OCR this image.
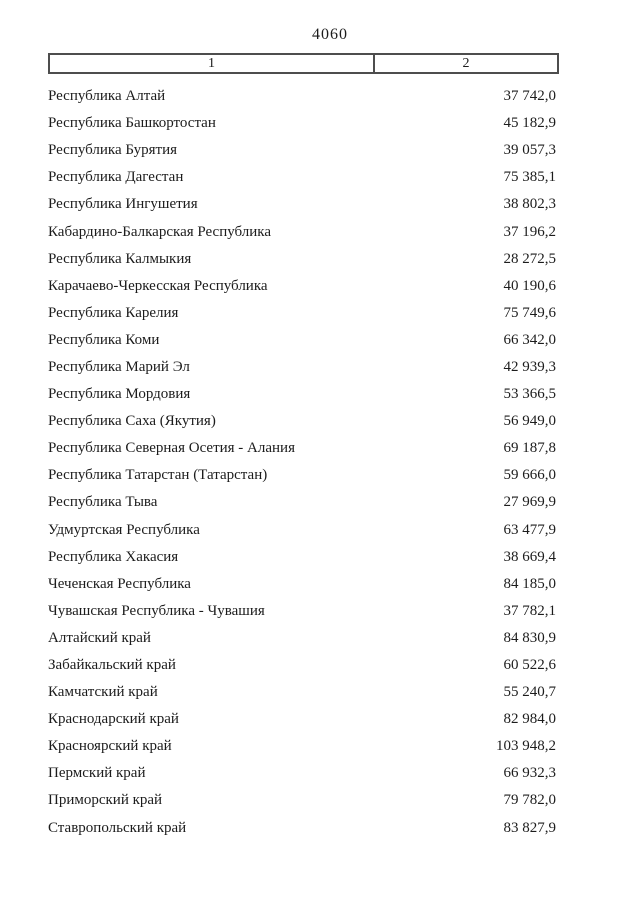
4060
1	2
Республика Алтай	37 742,0
Республика Башкортостан	45 182,9
Республика Бурятия	39 057,3
Республика Дагестан	75 385,1
Республика Ингушетия	38 802,3
Кабардино-Балкарская Республика	37 196,2
Республика Калмыкия	28 272,5
Карачаево-Черкесская Республика	40 190,6
Республика Карелия	75 749,6
Республика Коми	66 342,0
Республика Марий Эл	42 939,3
Республика Мордовия	53 366,5
Республика Саха (Якутия)	56 949,0
Республика Северная Осетия - Алания	69 187,8
Республика Татарстан (Татарстан)	59 666,0
Республика Тыва	27 969,9
Удмуртская Республика	63 477,9
Республика Хакасия	38 669,4
Чеченская Республика	84 185,0
Чувашская Республика - Чувашия	37 782,1
Алтайский край	84 830,9
Забайкальский край	60 522,6
Камчатский край	55 240,7
Краснодарский край	82 984,0
Красноярский край	103 948,2
Пермский край	66 932,3
Приморский край	79 782,0
Ставропольский край	83 827,9
